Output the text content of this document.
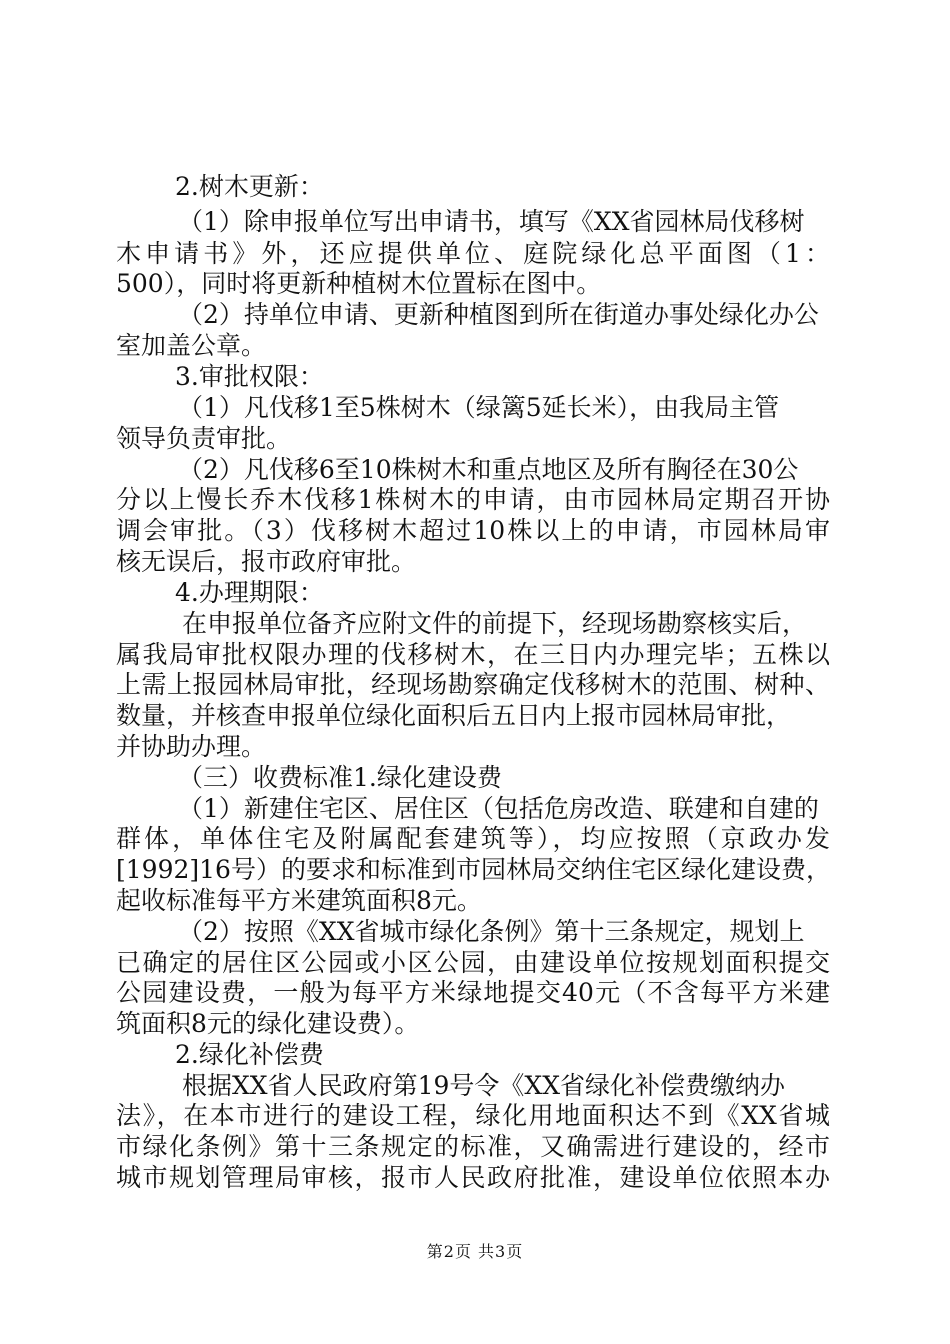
2.树木更新：
（1）除申报单位写出申请书，填写《XX省园林局伐移树
木申请书》外，还应提供单位、庭院绿化总平面图（1：
500），同时将更新种植树木位置标在图中。
（2）持单位申请、更新种植图到所在街道办事处绿化办公
室加盖公章。
3.审批权限：
（1）凡伐移1至5株树木（绿篱5延长米），由我局主管
领导负责审批。
（2）凡伐移6至10株树木和重点地区及所有胸径在30公
分以上慢长乔木伐移1株树木的申请，由市园林局定期召开协
调会审批。（3）伐移树木超过10株以上的申请，市园林局审
核无误后，报市政府审批。
4.办理期限：
在申报单位备齐应附文件的前提下，经现场勘察核实后，
属我局审批权限办理的伐移树木，在三日内办理完毕；五株以
上需上报园林局审批，经现场勘察确定伐移树木的范围、树种、
数量，并核查申报单位绿化面积后五日内上报市园林局审批，
并协助办理。
（三）收费标准1.绿化建设费
（1）新建住宅区、居住区（包括危房改造、联建和自建的
群体，单体住宅及附属配套建筑等），均应按照（京政办发
[1992]16号）的要求和标准到市园林局交纳住宅区绿化建设费，
起收标准每平方米建筑面积8元。
（2）按照《XX省城市绿化条例》第十三条规定，规划上
已确定的居住区公园或小区公园，由建设单位按规划面积提交
公园建设费，一般为每平方米绿地提交40元（不含每平方米建
筑面积8元的绿化建设费）。
2.绿化补偿费
根据XX省人民政府第19号令《XX省绿化补偿费缴纳办
法》，在本市进行的建设工程，绿化用地面积达不到《XX省城
市绿化条例》第十三条规定的标准，又确需进行建设的，经市
城市规划管理局审核，报市人民政府批准，建设单位依照本办
第2页 共3页
